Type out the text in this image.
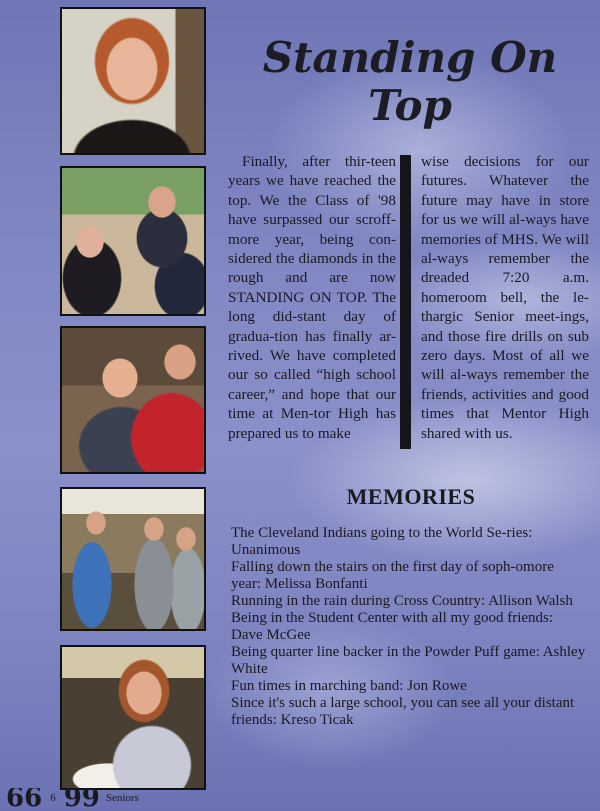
Standing On Top

Finally, after thir-teen years we have reached the top. We the Class of '98 have surpassed our scroff-more year, being con-sidered the diamonds in the rough and are now STANDING ON TOP. The long did-stant day of gradua-tion has finally ar-rived. We have completed our so called “high school career,” and hope that our time at Men-tor High has prepared us to make

wise decisions for our futures. Whatever the future may have in store for us we will al-ways have memories of MHS. We will al-ways remember the dreaded 7:20 a.m. homeroom bell, the le-thargic Senior meet-ings, and those fire drills on sub zero days. Most of all we will al-ways remember the friends, activities and good times that Mentor High shared with us.

MEMORIES
The Cleveland Indians going to the World Se-ries: Unanimous
Falling down the stairs on the first day of soph-omore year: Melissa Bonfanti
Running in the rain during Cross Country: Allison Walsh
Being in the Student Center with all my good friends: Dave McGee
Being quarter line backer in the Powder Puff game: Ashley White
Fun times in marching band: Jon Rowe
Since it's such a large school, you can see all your distant friends: Kreso Ticak
66 6 99 Seniors
